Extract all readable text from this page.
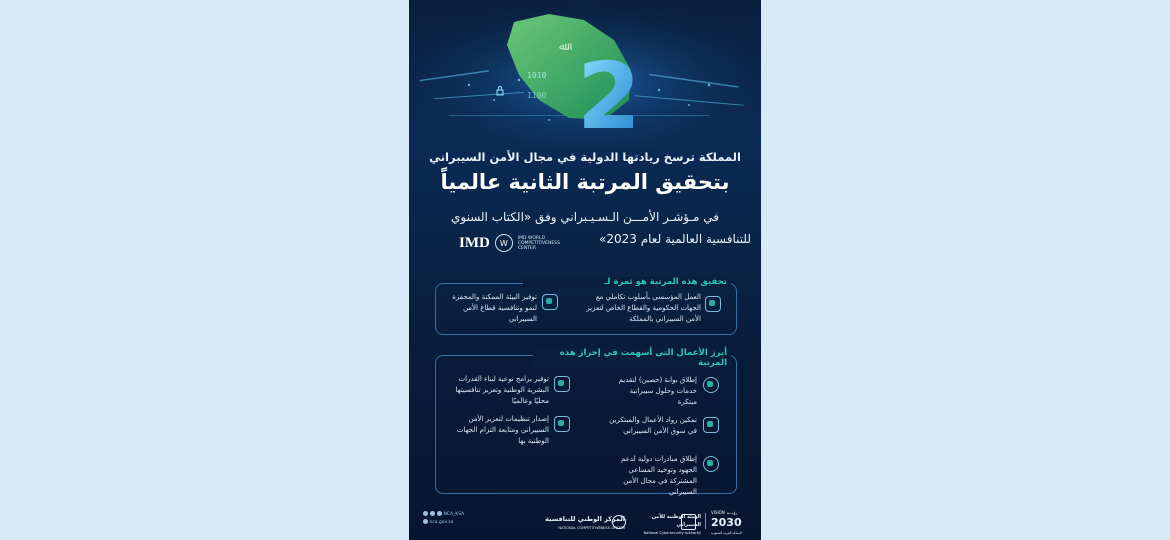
ﷲ
1010
1100 2
المملكة ترسخ ريادتها الدولية في مجال الأمن السيبراني
بتحقيق المرتبة الثانية عالمياً
في مـؤشـر الأمـــن الـسـيـبراني وفق «الكتاب السنوي
للتنافسية العالمية لعام 2023»
IMD	W
IMD WORLD
COMPETITIVENESS
CENTER
تحقيق هذه المرتبة هو ثمرة لـ
العمل المؤسسي بأسلوب تكاملي مع الجهات الحكومية والقطاع الخاص لتعزيز الأمن السيبراني بالمملكة
توفير البيئة الممكنة والمحفزة لنمو وتنافسية قطاع الأمن السيبراني
أبرز الأعمال التي أسهمت في إحراز هذه المرتبة
إطلاق بوابة (حصين) لتقديم خدمات وحلول سيبرانية مبتكرة
تمكين رواد الأعمال والمبتكرين في سوق الأمن السيبراني
إطلاق مبادرات دولية لدعم الجهود وتوحيد المساعي المشتركة في مجال الأمن السيبراني
توفير برامج نوعية لبناء القدرات البشرية الوطنية وتعزيز تنافسيتها محليًا وعالميًا
إصدار تنظيمات لتعزيز الأمن السيبراني ومتابعة التزام الجهات الوطنية بها
NCA_KSA
nca.gov.sa	المركز الوطني للتنافسية
NATIONAL COMPETITIVENESS CENTER
الهيئة الوطنية للأمن السيبراني
National Cybersecurity Authority
VISION رؤيـــة
2030
المملكة العربية السعودية
